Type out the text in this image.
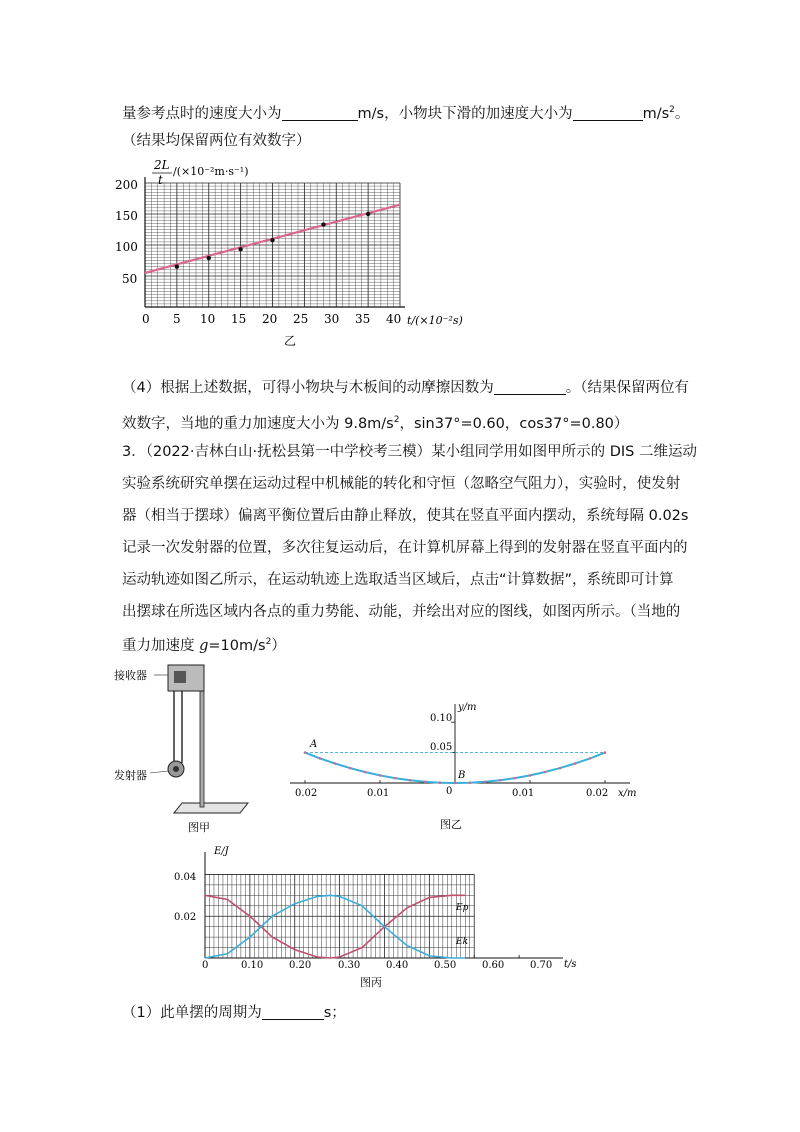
量参考点时的速度大小为	m/s，小物块下滑的加速度大小为	$m/s^2$。
（结果均保留两位有效数字）
2L
t
/(×10⁻²m·s⁻¹)
t/(×10⁻²s)
乙
50
100
150
200
0 5 10 15 20 25 30 35 40
（4）根据上述数据，可得小物块与木板间的动摩擦因数为	。（结果保留两位有
效数字，当地的重力加速度大小为 $9.8m/s^2$，sin37°=0.60，cos37°=0.80）
3．（2022·吉林白山·抚松县第一中学校考三模）某小组同学用如图甲所示的 DIS 二维运动
实验系统研究单摆在运动过程中机械能的转化和守恒（忽略空气阻力），实验时，使发射
器（相当于摆球）偏离平衡位置后由静止释放，使其在竖直平面内摆动，系统每隔 0.02s
记录一次发射器的位置，多次往复运动后，在计算机屏幕上得到的发射器在竖直平面内的
运动轨迹如图乙所示，在运动轨迹上选取适当区域后，点击“计算数据”，系统即可计算
出摆球在所选区域内各点的重力势能、动能，并绘出对应的图线，如图丙所示。（当地的
重力加速度 $g=10m/s^2$）
接收器
发射器
图甲
y/m
x/m
0.10
0.05
0.02	0.01	0	0.01	0.02
A
B
图乙
E/J
t/s
0.04
0.02
0	0.10	0.20	0.30	0.40	0.50	0.60	0.70
Ep
Ek
图丙
（1）此单摆的周期为	s；
